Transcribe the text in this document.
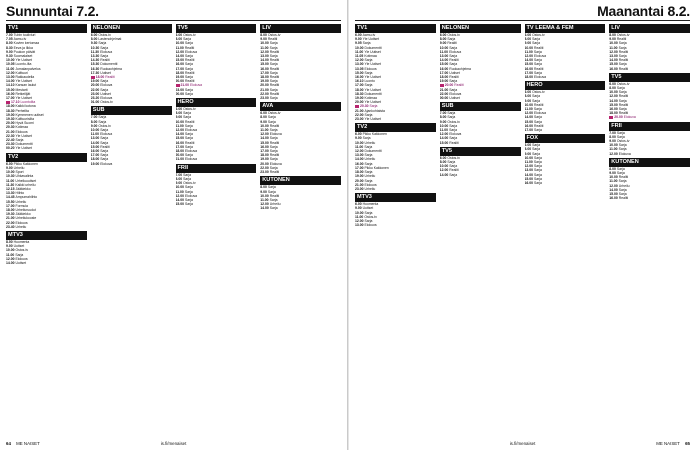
Sunnuntai 7.2.
TV1
7.00Tubin tuuliviuri
7.05Aamu-tv
8.00Kuvien kertomaa
8.30Eeva ja Ilkka
9.00Puukon päivät
9.30Suomalaiset
10.00Yle Uutiset
10.05Luonto-ilta
11.00Jumalanpalvelus
12.00Kulttuuri
13.00Rakkaudella
14.00Yle Uutiset
14.10Kansan laulut
15.00Mestarit
16.00Retkeilijät
17.00Yle Uutiset
17.10Luontoilta
18.00Kaikki kotona
18.30Perheilta
19.00Kymmenen uutiset
19.30Kulttuurisilta
20.00Hyvä Suomi
20.30Kotimaa
21.00Elokuva
22.30Yle Uutiset
22.40Sarja
23.30Dokumentti
00.20Yle Uutiset
TV2
6.00Pikku Kakkonen
9.00Urheilu
10.00Sport
10.30Uhkavalinta
11.00Urheiluuutiset
11.30Kaikki urheilu
12.15Jääkiekko
13.30Hiihto
14.45Ampumahiihto
15.50Urheilu
17.00Formula
18.00Urheiluruudut
19.30Jääkiekko
21.00Urheilukooste
22.00Elokuva
23.40Urheilu
MTV3
8.00Huomenta
9.00Uutiset
10.00Ostos-tv
11.00Sarja
12.00Elokuva
14.00Uutiset
NELONEN
6.00Ostos-tv
8.00Lastenohjelmat
9.30Sarja
10.30Sarja
11.30Elokuva
13.30Sarja
14.30Realiti
15.30Dokumentti
16.30Ruokaohjelma
17.30Uutiset
18.00Realiti
19.00Sarja
20.00Elokuva
22.00Sarja
23.00Uutiset
23.20Elokuva
01.00Ostos-tv
SUB
7.00Sarja
8.00Sarja
9.00Ostos-tv
10.00Sarja
11.00Elokuva
13.00Sarja
14.00Sarja
15.00Realiti
16.00Sarja
17.00Sarja
18.00Sarja
19.00Elokuva
TV5
6.00Ostos-tv
8.00Sarja
10.00Sarja
11.00Realiti
12.00Elokuva
14.00Sarja
15.00Realiti
16.00Sarja
17.00Sarja
18.00Realiti
19.00Sarja
20.00Realiti
21.00Elokuva
23.00Sarja
00.00Sarja
HERO
6.00Ostos-tv
8.00Sarja
9.00Sarja
10.00Realiti
11.00Sarja
12.00Elokuva
14.00Sarja
15.00Sarja
16.00Realiti
17.00Sarja
18.00Elokuva
20.00Sarja
21.00Elokuva
FRII
7.00Sarja
8.00Sarja
9.00Ostos-tv
10.00Sarja
11.00Sarja
12.00Elokuva
14.00Sarja
15.00Sarja
LIV
8.00Ostos-tv
9.00Realiti
10.00Sarja
11.00Sarja
12.00Realiti
13.00Sarja
14.00Realiti
15.00Sarja
16.00Realiti
17.00Sarja
18.00Realiti
19.00Sarja
20.00Realiti
21.00Sarja
22.00Realiti
23.00Sarja
AVA
6.00Ostos-tv
8.00Sarja
9.00Sarja
10.00Realiti
11.00Sarja
12.00Elokuva
14.00Sarja
15.00Realiti
16.00Sarja
17.00Sarja
18.00Realiti
19.00Sarja
20.00Elokuva
22.00Sarja
23.00Realiti
KUTONEN
8.00Sarja
9.00Sarja
10.00Realiti
11.00Sarja
12.00Urheilu
14.00Sarja
64 ME NAISET	is.fi/menaiset
Maanantai 8.2.
TV1
6.00Aamu-tv
9.00Yle Uutiset
9.05Sarja
10.00Dokumentti
11.00Yle Uutiset
11.05Kotimaa
12.00Sarja
13.00Yle Uutiset
13.05Elokuva
15.00Sarja
16.00Yle Uutiset
16.10Luonto
17.00Sarja
18.00Yle Uutiset
18.30Dokumentti
19.00Kotimaa
20.00Yle Uutiset
20.30Sarja
21.00Ajankohtaista
22.00Sarja
23.00Yle Uutiset
TV2
6.00Pikku Kakkonen
9.00Sarja
10.00Urheilu
11.00Sarja
12.00Dokumentti
13.00Sarja
14.00Urheilu
16.00Sarja
17.00Pikku Kakkonen
18.00Sarja
19.00Urheilu
20.00Sarja
21.00Elokuva
23.00Urheilu
MTV3
6.00Huomenta
9.00Uutiset
10.00Sarja
11.00Ostos-tv
12.00Sarja
13.00Elokuva
NELONEN
6.00Ostos-tv
8.00Sarja
9.00Realiti
10.00Sarja
11.00Elokuva
13.00Sarja
14.00Realiti
15.00Sarja
16.00Ruokaohjelma
17.00Uutiset
18.00Realiti
19.00Sarja
20.00Realiti
21.00Sarja
22.00Elokuva
00.00Uutiset
SUB
7.00Sarja
8.00Sarja
9.00Ostos-tv
10.00Sarja
11.00Sarja
12.00Elokuva
14.00Sarja
15.00Realiti
TV5
6.00Ostos-tv
8.00Sarja
10.00Sarja
12.00Realiti
14.00Sarja
TV LEEMA & FEM
6.00Ostos-tv
8.00Sarja
9.00Sarja
10.00Realiti
11.00Sarja
12.00Elokuva
14.00Sarja
15.00Sarja
16.00Realiti
17.00Sarja
18.00Elokuva
HERO
6.00Ostos-tv
8.00Sarja
9.00Sarja
10.00Realiti
11.00Sarja
12.00Elokuva
14.00Sarja
15.00Sarja
16.00Realiti
17.00Sarja
FOX
6.00Sarja
8.00Sarja
9.00Sarja
10.00Sarja
11.00Sarja
12.00Sarja
13.00Sarja
14.00Sarja
15.00Sarja
16.00Sarja
LIV
8.00Ostos-tv
9.00Realiti
10.00Sarja
11.00Sarja
12.00Realiti
13.00Sarja
14.00Realiti
15.00Sarja
16.00Realiti
TV5
6.00Ostos-tv
8.00Sarja
10.00Sarja
12.00Realiti
14.00Sarja
15.00Realiti
16.00Sarja
18.00Realiti
20.00Elokuva
FRII
7.00Sarja
8.00Sarja
9.00Ostos-tv
10.00Sarja
11.00Sarja
12.00Elokuva
KUTONEN
8.00Sarja
9.00Sarja
10.00Realiti
11.00Sarja
12.00Urheilu
14.00Sarja
15.00Sarja
16.00Realiti
is.fi/menaiset	ME NAISET 65
